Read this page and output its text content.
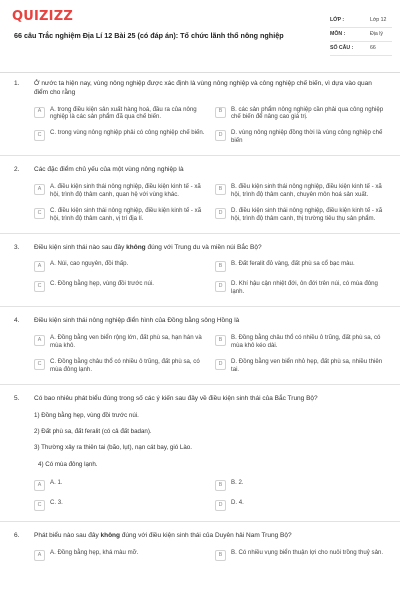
QUIZIZZ
66 câu Trắc nghiệm Địa Lí 12 Bài 25 (có đáp án): Tổ chức lãnh thổ nông nghiệp
LỚP :	Lớp 12
MÔN :	Địa lý
SỐ CÂU :	66
1. Ở nước ta hiện nay, vùng nông nghiệp được xác định là vùng nông nghiệp và công nghiệp chế biến, vì dựa vào quan điểm cho rằng
A	A. trong điều kiện sản xuất hàng hoá, đầu ra của nông nghiệp là các sản phẩm đã qua chế biến.
B	B. các sản phẩm nông nghiệp cần phải qua công nghiệp chế biến để nâng cao giá trị.
C	C. trong vùng nông nghiệp phải có công nghiệp chế biến.	D	D. vùng nông nghiệp đồng thời là vùng công nghiệp chế biến
2. Các đặc điểm chủ yếu của một vùng nông nghiệp là
A	A. điều kiện sinh thái nông nghiệp, điều kiện kinh tế - xã hội, trình độ thâm canh, quan hệ với vùng khác.
B	B. điều kiện sinh thái nông nghiệp, điều kiện kinh tế - xã hội, trình độ thâm canh, chuyên môn hoá sản xuất.
C	C. điều kiện sinh thái nông nghiệp, điều kiện kinh tế - xã hội, trình độ thâm canh, vị trí địa lí.
D	D. điều kiện sinh thái nông nghiệp, điều kiện kinh tế - xã hội, trình độ thâm canh, thị trường tiêu thụ sản phẩm.
3. Điều kiện sinh thái nào sau đây không đúng với Trung du và miền núi Bắc Bộ?
A	A. Núi, cao nguyên, đồi thấp.	B	B. Đất feralit đỏ vàng, đất phù sa cổ bạc màu.
C	C. Đồng bằng hẹp, vùng đồi trước núi.	D	D. Khí hậu cận nhiệt đới, ôn đới trên núi, có mùa đông lạnh.
4. Điều kiện sinh thái nông nghiệp điển hình của Đồng bằng sông Hồng là
A	A. Đồng bằng ven biển rộng lớn, đất phù sa, hạn hán và mùa khô.
B	B. Đồng bằng châu thổ có nhiều ô trũng, đất phù sa, có mùa khô kéo dài.
C	C. Đồng bằng châu thổ có nhiều ô trũng, đất phù sa, có mùa đông lạnh.
D	D. Đồng bằng ven biển nhỏ hẹp, đất phù sa, nhiều thiên tai.
5. Có bao nhiêu phát biểu đúng trong số các ý kiến sau đây về điều kiện sinh thái của Bắc Trung Bộ?
1) Đồng bằng hẹp, vùng đồi trước núi.
2) Đất phù sa, đất feralit (có cả đất badan).
3) Thường xảy ra thiên tai (bão, lụt), nạn cát bay, gió Lào.
4) Có mùa đông lạnh.
A	A. 1.	B	B. 2.
C	C. 3.	D	D. 4.
6. Phát biểu nào sau đây không đúng với điều kiện sinh thái của Duyên hải Nam Trung Bộ?
A	A. Đồng bằng hẹp, khá màu mỡ.	B	B. Có nhiều vụng biển thuận lợi cho nuôi trồng thuỷ sản.
